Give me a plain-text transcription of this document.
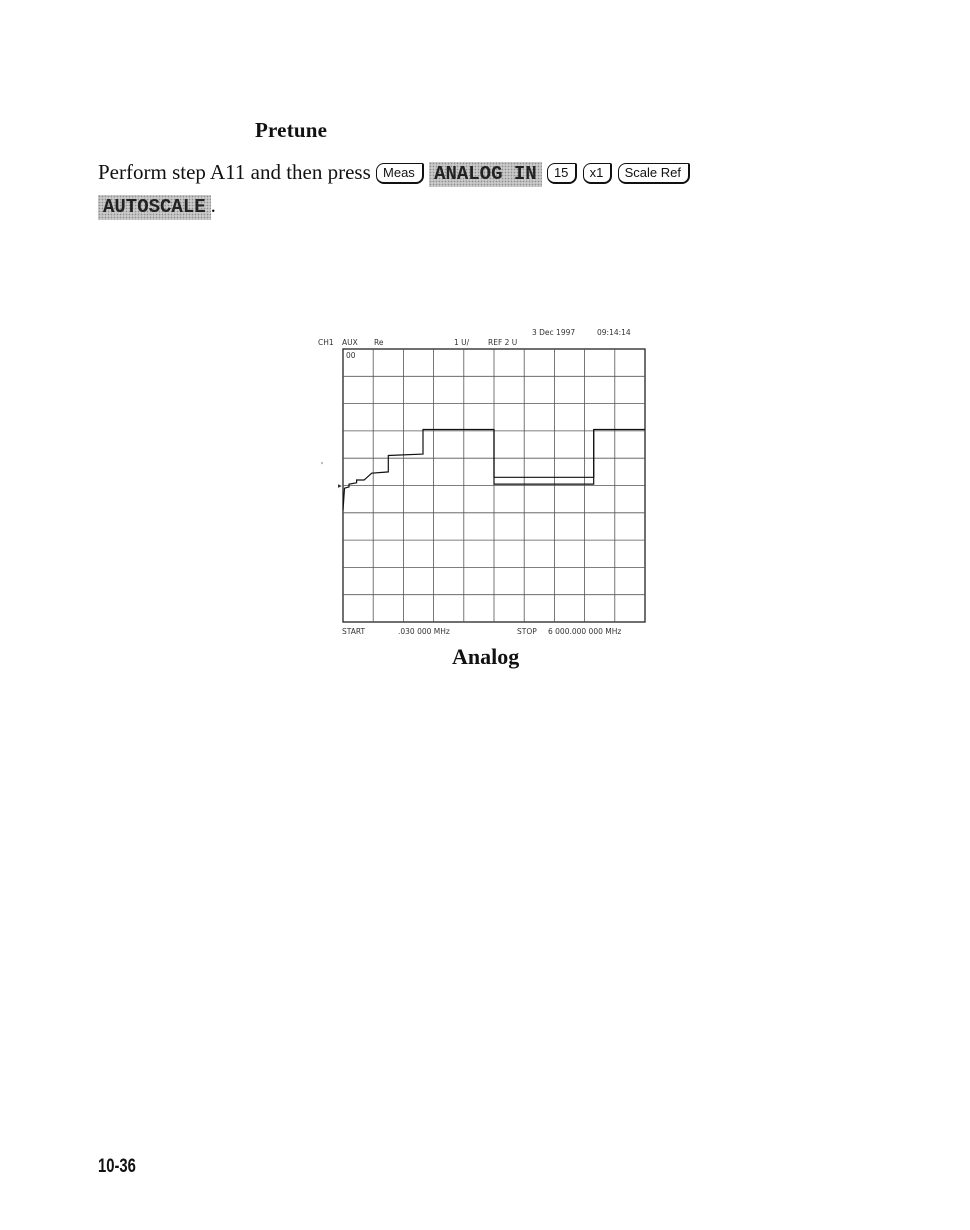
Pretune
Perform step A11 and then press Meas ANALOG IN 15 x1 Scale Ref
AUTOSCALE .
3 Dec 1997	09:14:14
CH1 AUX Re	1 U/	REF 2 U
00
'
▸
START	.030 000 MHz	STOP 6 000.000 000 MHz
Analog
10-36
